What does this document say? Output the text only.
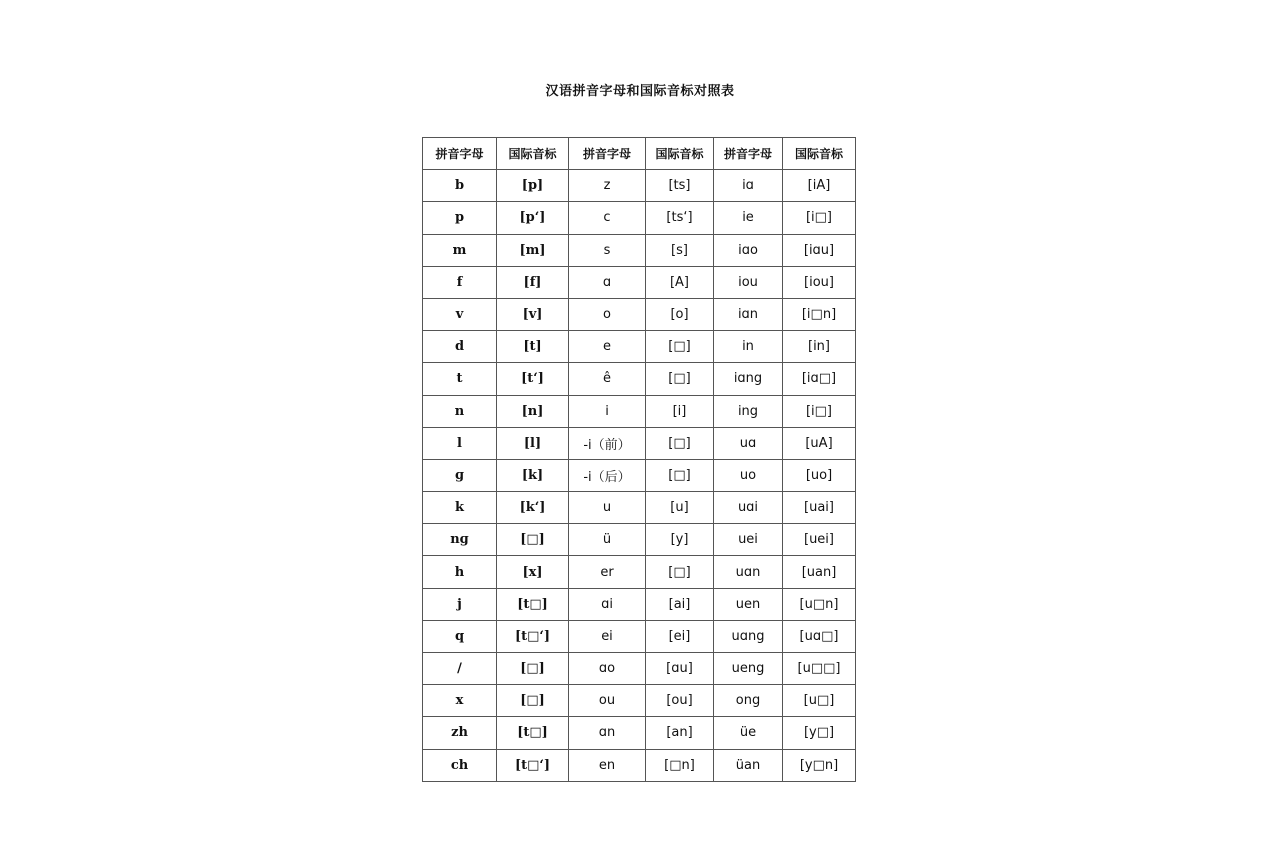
汉语拼音字母和国际音标对照表
拼音字母	国际音标	拼音字母	国际音标	拼音字母	国际音标
b	[p]	z	[ts]	iɑ	[iA]
p	[p‘]	c	[ts‘]	ie	[i□]
m	[m]	s	[s]	iɑo	[iɑu]
f	[f]	ɑ	[A]	iou	[iou]
v	[v]	o	[o]	iɑn	[i□n]
d	[t]	e	[□]	in	[in]
t	[t‘]	ê	[□]	iɑng	[iɑ□]
n	[n]	i	[i]	ing	[i□]
l	[l]	-i（前）	[□]	uɑ	[uA]
ɡ	[k]	-i（后）	[□]	uo	[uo]
k	[k‘]	u	[u]	uɑi	[uai]
nɡ	[□]	ü	[y]	uei	[uei]
h	[x]	er	[□]	uɑn	[uan]
j	[t□]	ɑi	[ai]	uen	[u□n]
q	[t□‘]	ei	[ei]	uɑng	[uɑ□]
/	[□]	ɑo	[ɑu]	ueng	[u□□]
x	[□]	ou	[ou]	ong	[u□]
zh	[t□]	ɑn	[an]	üe	[y□]
ch	[t□‘]	en	[□n]	üan	[y□n]
